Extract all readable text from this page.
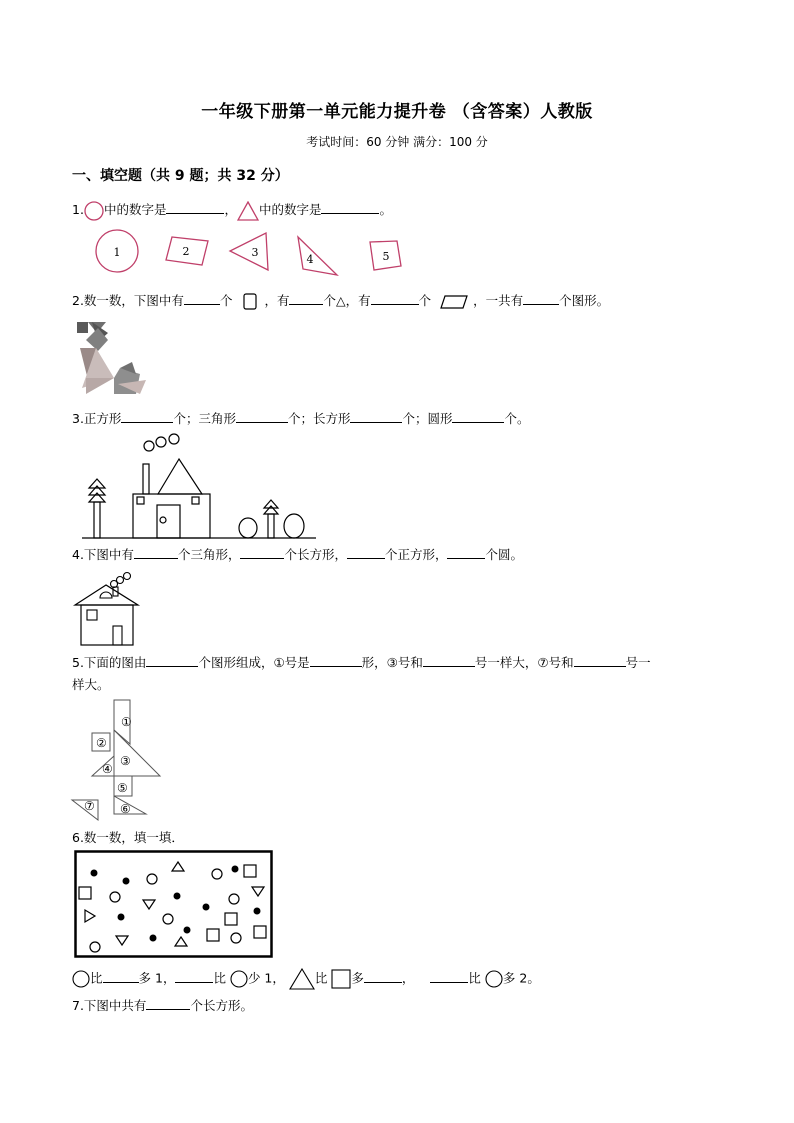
一年级下册第一单元能力提升卷 （含答案）人教版
考试时间：60 分钟 满分：100 分
一、填空题（共 9 题；共 32 分）
1. 中的数字是	， 中的数字是	。
1	2	3
4	5
2.数一数，下图中有	个	，有	个△，有	个	，一共有	个图形。
3.正方形	个；三角形	个；长方形	个；圆形	个。
4.下图中有	个三角形，	个长方形，	个正方形，	个圆。
5.下面的图由	个图形组成，①号是	形，③号和	号一样大，⑦号和	号一
样大。
①
②
③
④
⑤
⑥
⑦
6.数一数，填一填．
比	多 1，	比 少 1， 比 多	，	比 多 2。
7.下图中共有	个长方形。
